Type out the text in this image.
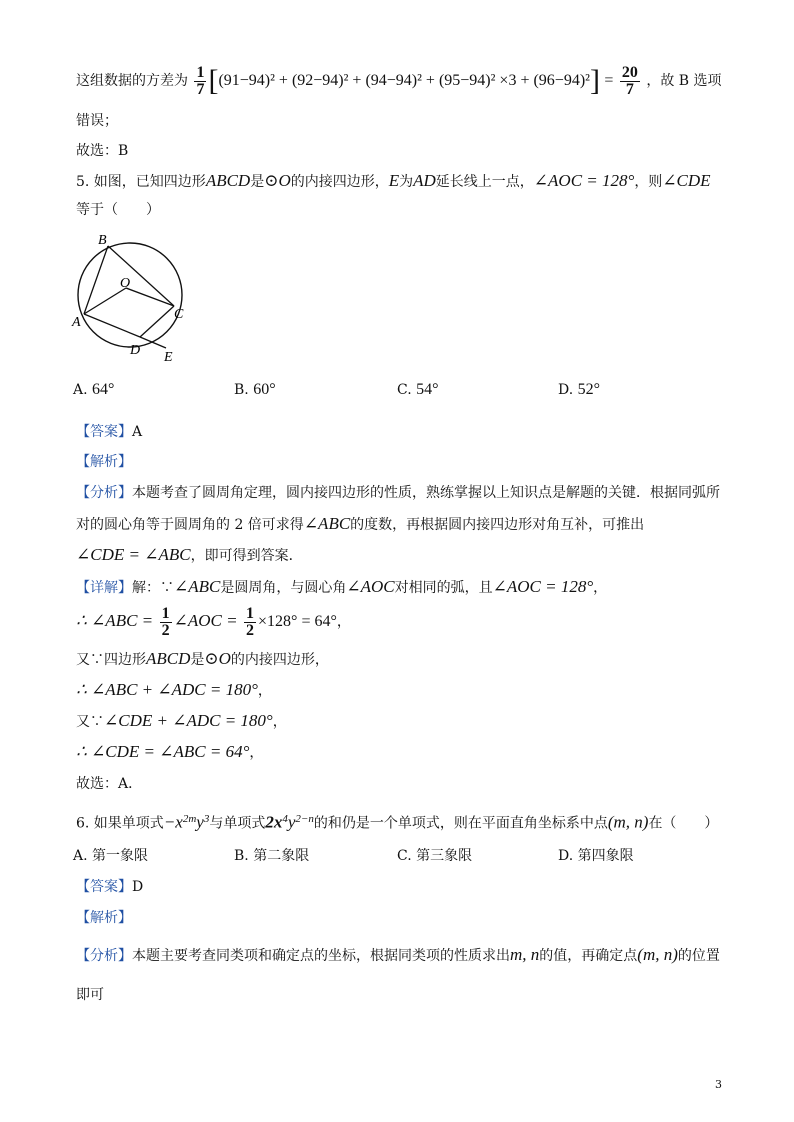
这组数据的方差为 $\frac{1}{7} [(91-94)^2 + (92-94)^2 + (94-94)^2 + (95-94)^2 \times 3 + (96-94)^2] = \frac{20}{7}$ ，故 B 选项
错误；
故选：B
5. 如图，已知四边形ABCD是⊙O的内接四边形，E为AD延长线上一点，∠AOC = 128°，则∠CDE
等于（　　）
B
O
A
C
D E
A. 64°	B. 60°	C. 54°	D. 52°
【答案】A
【解析】
【分析】本题考查了圆周角定理，圆内接四边形的性质，熟练掌握以上知识点是解题的关键．根据同弧所
对的圆心角等于圆周角的 2 倍可求得∠ABC的度数，再根据圆内接四边形对角互补，可推出
∠CDE = ∠ABC，即可得到答案．
【详解】解：∵∠ABC是圆周角，与圆心角∠AOC对相同的弧，且∠AOC = 128°，
∴ ∠ABC = $\frac{1}{2}$ ∠AOC = $\frac{1}{2} \times 128^\circ = 64^\circ$，
又∵四边形ABCD是⊙O的内接四边形，
∴ ∠ABC + ∠ADC = 180°，
又∵∠CDE + ∠ADC = 180°，
∴ ∠CDE = ∠ABC = 64°，
故选：A．
6. 如果单项式$-x^{2m}y^3$与单项式$2x^4y^{2-n}$的和仍是一个单项式，则在平面直角坐标系中点(m, n)在（　　）
A. 第一象限	B. 第二象限	C. 第三象限	D. 第四象限
【答案】D
【解析】
【分析】本题主要考查同类项和确定点的坐标，根据同类项的性质求出m, n的值，再确定点(m, n)的位置
即可
3
